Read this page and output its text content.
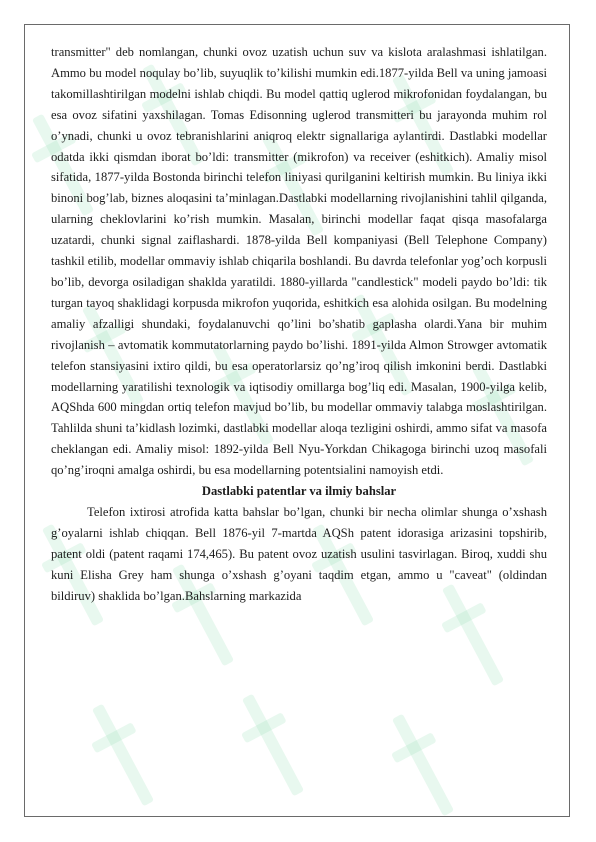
transmitter" deb nomlangan, chunki ovoz uzatish uchun suv va kislota aralashmasi ishlatilgan. Ammo bu model noqulay bo’lib, suyuqlik to’kilishi mumkin edi.1877-yilda Bell va uning jamoasi takomillashtirilgan modelni ishlab chiqdi. Bu model qattiq uglerod mikrofonidan foydalangan, bu esa ovoz sifatini yaxshilagan. Tomas Edisonning uglerod transmitteri bu jarayonda muhim rol o’ynadi, chunki u ovoz tebranishlarini aniqroq elektr signallariga aylantirdi. Dastlabki modellar odatda ikki qismdan iborat bo’ldi: transmitter (mikrofon) va receiver (eshitkich). Amaliy misol sifatida, 1877-yilda Bostonda birinchi telefon liniyasi qurilganini keltirish mumkin. Bu liniya ikki binoni bog’lab, biznes aloqasini ta’minlagan.Dastlabki modellarning rivojlanishini tahlil qilganda, ularning cheklovlarini ko’rish mumkin. Masalan, birinchi modellar faqat qisqa masofalarga uzatardi, chunki signal zaiflashardi. 1878-yilda Bell kompaniyasi (Bell Telephone Company) tashkil etilib, modellar ommaviy ishlab chiqarila boshlandi. Bu davrda telefonlar yog’och korpusli bo’lib, devorga osiladigan shaklda yaratildi. 1880-yillarda "candlestick" modeli paydo bo’ldi: tik turgan tayoq shaklidagi korpusda mikrofon yuqorida, eshitkich esa alohida osilgan. Bu modelning amaliy afzalligi shundaki, foydalanuvchi qo’lini bo’shatib gaplasha olardi.Yana bir muhim rivojlanish – avtomatik kommutatorlarning paydo bo’lishi. 1891-yilda Almon Strowger avtomatik telefon stansiyasini ixtiro qildi, bu esa operatorlarsiz qo’ng’iroq qilish imkonini berdi. Dastlabki modellarning yaratilishi texnologik va iqtisodiy omillarga bog’liq edi. Masalan, 1900-yilga kelib, AQShda 600 mingdan ortiq telefon mavjud bo’lib, bu modellar ommaviy talabga moslashtirilgan. Tahlilda shuni ta’kidlash lozimki, dastlabki modellar aloqa tezligini oshirdi, ammo sifat va masofa cheklangan edi. Amaliy misol: 1892-yilda Bell Nyu-Yorkdan Chikagoga birinchi uzoq masofali qo’ng’iroqni amalga oshirdi, bu esa modellarning potentsialini namoyish etdi.

Dastlabki patentlar va ilmiy bahslar

Telefon ixtirosi atrofida katta bahslar bo’lgan, chunki bir necha olimlar shunga o’xshash g’oyalarni ishlab chiqqan. Bell 1876-yil 7-martda AQSh patent idorasiga arizasini topshirib, patent oldi (patent raqami 174,465). Bu patent ovoz uzatish usulini tasvirlagan. Biroq, xuddi shu kuni Elisha Grey ham shunga o’xshash g’oyani taqdim etgan, ammo u "caveat" (oldindan bildiruv) shaklida bo’lgan.Bahslarning markazida
